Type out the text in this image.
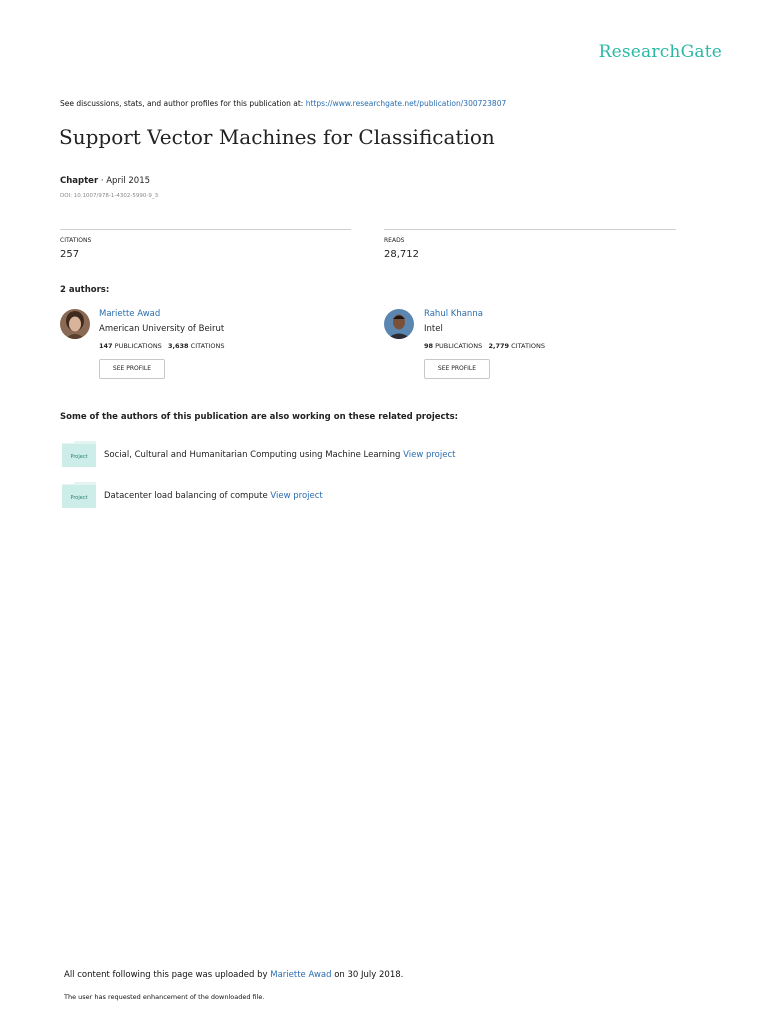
ResearchGate
See discussions, stats, and author profiles for this publication at: https://www.researchgate.net/publication/300723807
Support Vector Machines for Classification
Chapter · April 2015
DOI: 10.1007/978-1-4302-5990-9_3
CITATIONS
257
READS
28,712
2 authors:
Mariette Awad
American University of Beirut
147 PUBLICATIONS 3,638 CITATIONS
SEE PROFILE
Rahul Khanna
Intel
98 PUBLICATIONS 2,779 CITATIONS
SEE PROFILE
Some of the authors of this publication are also working on these related projects:
Project Social, Cultural and Humanitarian Computing using Machine Learning View project
Project Datacenter load balancing of compute View project
All content following this page was uploaded by Mariette Awad on 30 July 2018.
The user has requested enhancement of the downloaded file.
